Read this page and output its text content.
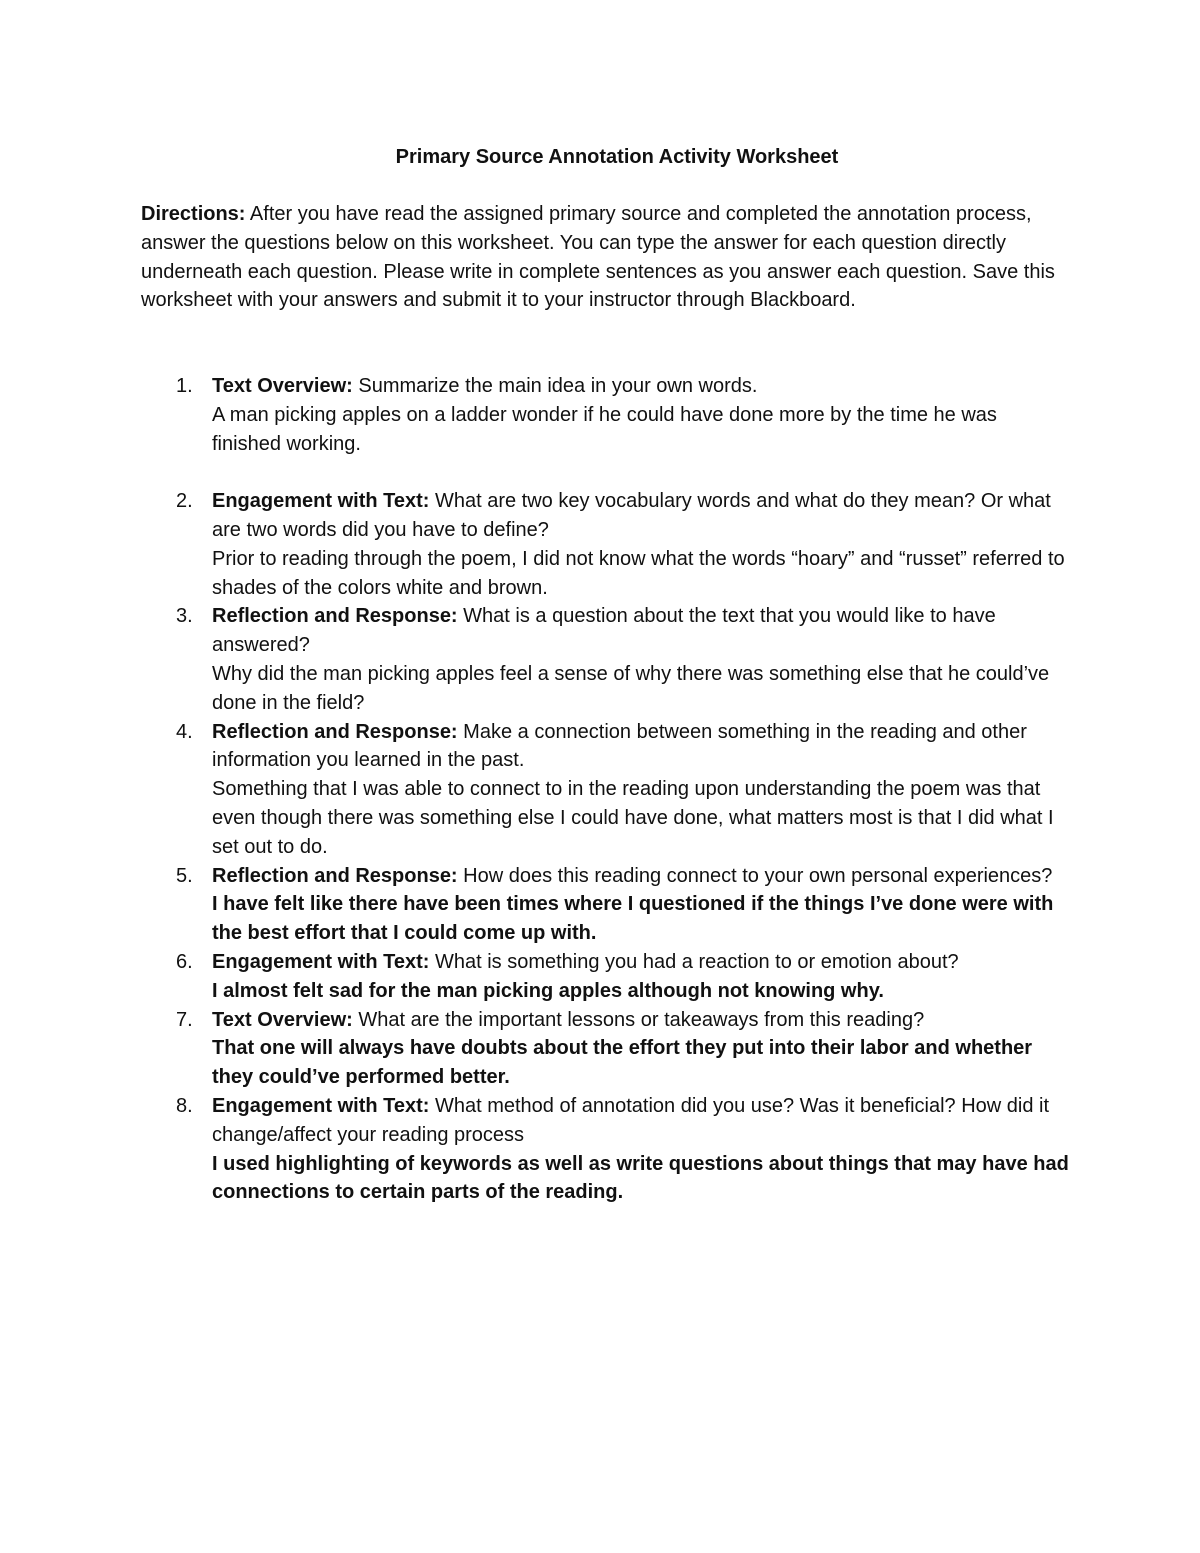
Primary Source Annotation Activity Worksheet

Directions: After you have read the assigned primary source and completed the annotation process, answer the questions below on this worksheet. You can type the answer for each question directly underneath each question. Please write in complete sentences as you answer each question. Save this worksheet with your answers and submit it to your instructor through Blackboard.

1. Text Overview: Summarize the main idea in your own words.
A man picking apples on a ladder wonder if he could have done more by the time he was finished working.
2. Engagement with Text: What are two key vocabulary words and what do they mean? Or what are two words did you have to define?
Prior to reading through the poem, I did not know what the words “hoary” and “russet” referred to shades of the colors white and brown.
3. Reflection and Response: What is a question about the text that you would like to have answered?
Why did the man picking apples feel a sense of why there was something else that he could’ve done in the field?
4. Reflection and Response: Make a connection between something in the reading and other information you learned in the past.
Something that I was able to connect to in the reading upon understanding the poem was that even though there was something else I could have done, what matters most is that I did what I set out to do.
5. Reflection and Response: How does this reading connect to your own personal experiences?
I have felt like there have been times where I questioned if the things I’ve done were with the best effort that I could come up with.
6. Engagement with Text: What is something you had a reaction to or emotion about?
I almost felt sad for the man picking apples although not knowing why.
7. Text Overview: What are the important lessons or takeaways from this reading?
That one will always have doubts about the effort they put into their labor and whether they could’ve performed better.
8. Engagement with Text: What method of annotation did you use? Was it beneficial? How did it change/affect your reading process
I used highlighting of keywords as well as write questions about things that may have had connections to certain parts of the reading.
